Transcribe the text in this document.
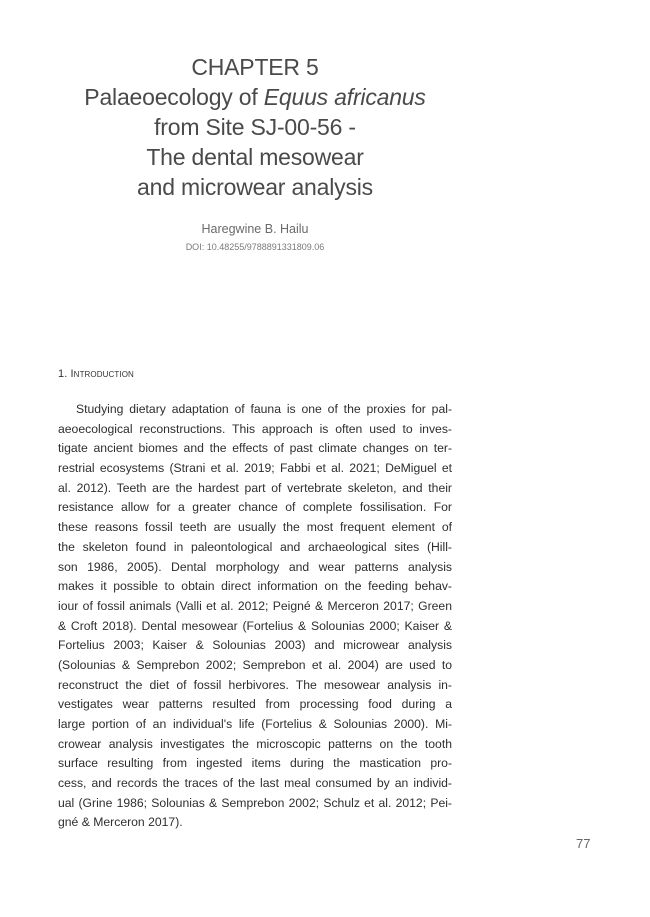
CHAPTER 5
Palaeoecology of Equus africanus
from Site SJ-00-56 -
The dental mesowear
and microwear analysis
Haregwine B. Hailu
DOI: 10.48255/9788891331809.06
1. Introduction
Studying dietary adaptation of fauna is one of the proxies for pal-
aeoecological reconstructions. This approach is often used to inves-
tigate ancient biomes and the effects of past climate changes on ter-
restrial ecosystems (Strani et al. 2019; Fabbi et al. 2021; DeMiguel et
al. 2012). Teeth are the hardest part of vertebrate skeleton, and their
resistance allow for a greater chance of complete fossilisation. For
these reasons fossil teeth are usually the most frequent element of
the skeleton found in paleontological and archaeological sites (Hill-
son 1986, 2005). Dental morphology and wear patterns analysis
makes it possible to obtain direct information on the feeding behav-
iour of fossil animals (Valli et al. 2012; Peigné & Merceron 2017; Green
& Croft 2018). Dental mesowear (Fortelius & Solounias 2000; Kaiser &
Fortelius 2003; Kaiser & Solounias 2003) and microwear analysis
(Solounias & Semprebon 2002; Semprebon et al. 2004) are used to
reconstruct the diet of fossil herbivores. The mesowear analysis in-
vestigates wear patterns resulted from processing food during a
large portion of an individual's life (Fortelius & Solounias 2000). Mi-
crowear analysis investigates the microscopic patterns on the tooth
surface resulting from ingested items during the mastication pro-
cess, and records the traces of the last meal consumed by an individ-
ual (Grine 1986; Solounias & Semprebon 2002; Schulz et al. 2012; Pei-
gné & Merceron 2017).
77
